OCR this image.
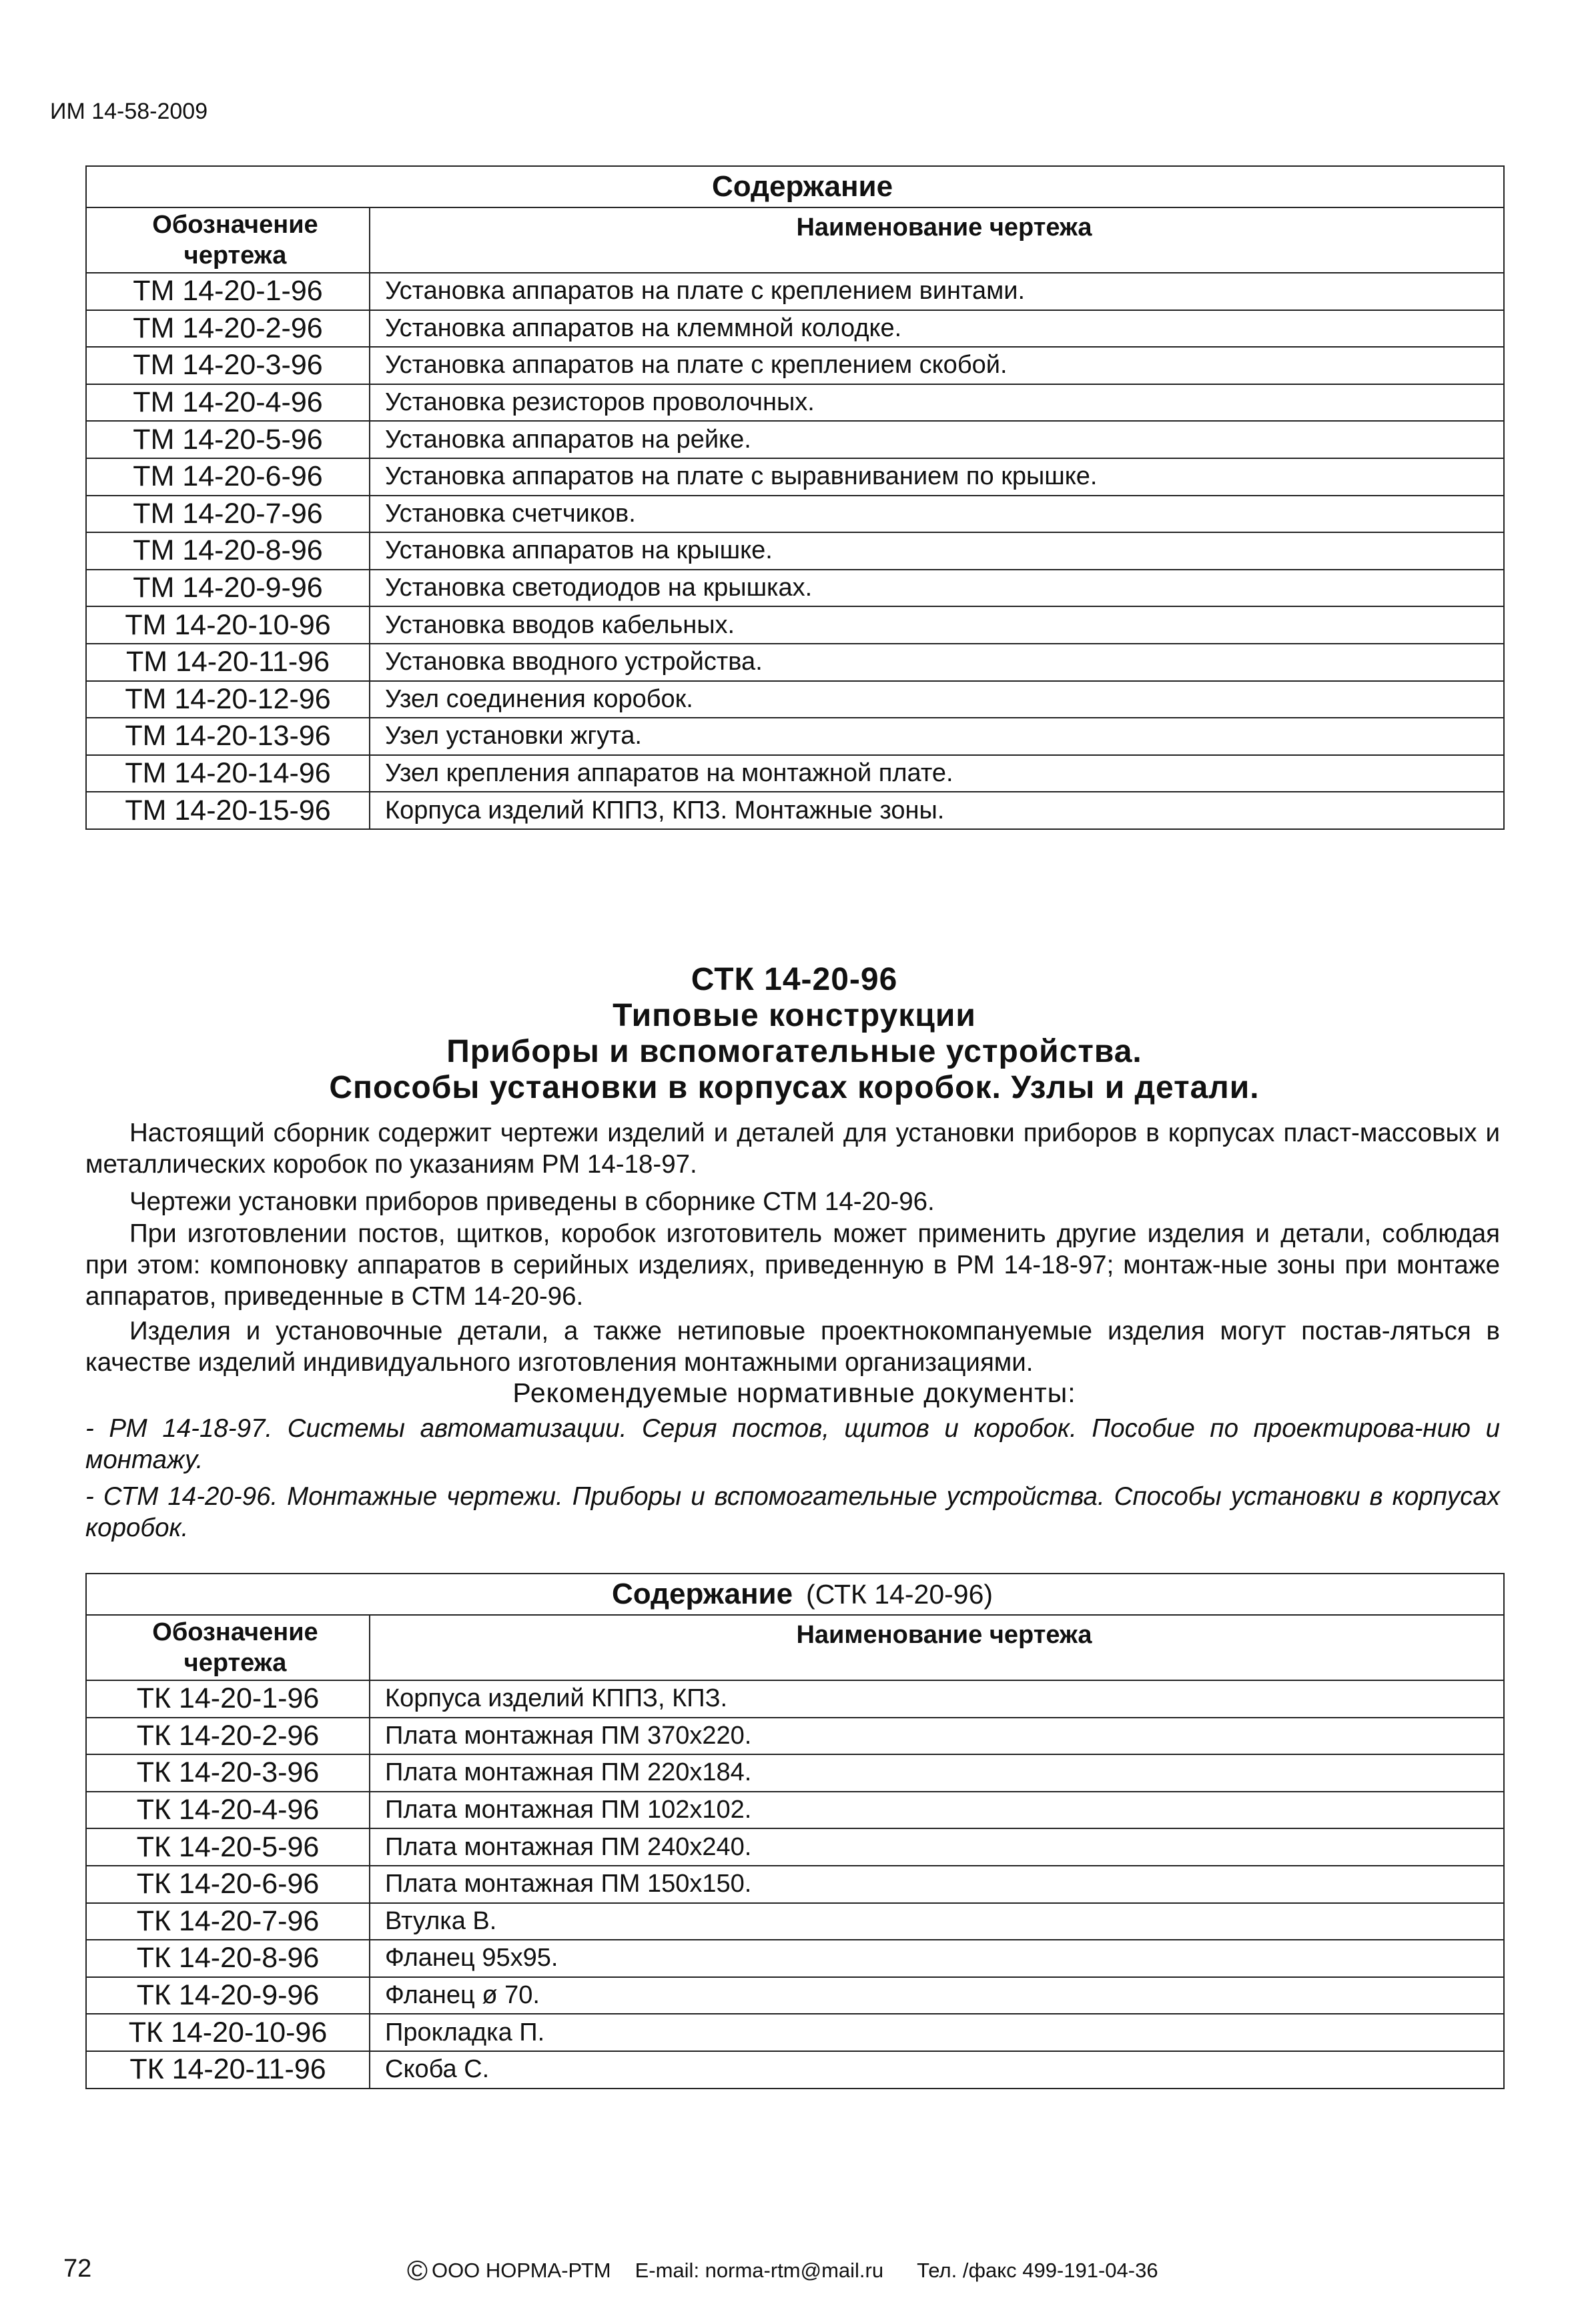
ИМ 14-58-2009
Содержание	
Обозначение чертежа	Наименование чертежа
ТМ 14-20-1-96	Установка аппаратов на плате с креплением винтами.
ТМ 14-20-2-96	Установка аппаратов на клеммной колодке.
ТМ 14-20-3-96	Установка аппаратов на плате с креплением скобой.
ТМ 14-20-4-96	Установка резисторов проволочных.
ТМ 14-20-5-96	Установка аппаратов на рейке.
ТМ 14-20-6-96	Установка аппаратов на плате с выравниванием по крышке.
ТМ 14-20-7-96	Установка счетчиков.
ТМ 14-20-8-96	Установка аппаратов на крышке.
ТМ 14-20-9-96	Установка светодиодов на крышках.
ТМ 14-20-10-96	Установка вводов кабельных.
ТМ 14-20-11-96	Установка вводного устройства.
ТМ 14-20-12-96	Узел соединения коробок.
ТМ 14-20-13-96	Узел установки жгута.
ТМ 14-20-14-96	Узел крепления аппаратов на монтажной плате.
ТМ 14-20-15-96	Корпуса изделий КППЗ, КПЗ. Монтажные зоны.
СТК 14-20-96
Типовые конструкции
Приборы и вспомогательные устройства.
Способы установки в корпусах коробок. Узлы и детали.
Настоящий сборник содержит чертежи изделий и деталей для установки приборов в корпусах пласт-массовых и металлических коробок по указаниям РМ 14-18-97.
Чертежи установки приборов приведены в сборнике СТМ 14-20-96.
При изготовлении постов, щитков, коробок изготовитель может применить другие изделия и детали, соблюдая при этом: компоновку аппаратов в серийных изделиях, приведенную в РМ 14-18-97; монтаж-ные зоны при монтаже аппаратов, приведенные в СТМ 14-20-96.
Изделия и установочные детали, а также нетиповые проектнокомпануемые изделия могут постав-ляться в качестве изделий индивидуального изготовления монтажными организациями.
Рекомендуемые нормативные документы:
- РМ 14-18-97. Системы автоматизации. Серия постов, щитов и коробок. Пособие по проектирова-нию и монтажу.
- СТМ 14-20-96. Монтажные чертежи. Приборы и вспомогательные устройства. Способы установки в корпусах коробок.
Содержание (СТК 14-20-96)	
Обозначение чертежа	Наименование чертежа
ТК 14-20-1-96	Корпуса изделий КППЗ, КПЗ.
ТК 14-20-2-96	Плата монтажная ПМ 370х220.
ТК 14-20-3-96	Плата монтажная ПМ 220х184.
ТК 14-20-4-96	Плата монтажная ПМ 102х102.
ТК 14-20-5-96	Плата монтажная ПМ 240х240.
ТК 14-20-6-96	Плата монтажная ПМ 150х150.
ТК 14-20-7-96	Втулка В.
ТК 14-20-8-96	Фланец 95х95.
ТК 14-20-9-96	Фланец ø 70.
ТК 14-20-10-96	Прокладка П.
ТК 14-20-11-96	Скоба С.
72	© ООО НОРМА-РТМ E-mail: norma-rtm@mail.ru Тел. /факс 499-191-04-36
